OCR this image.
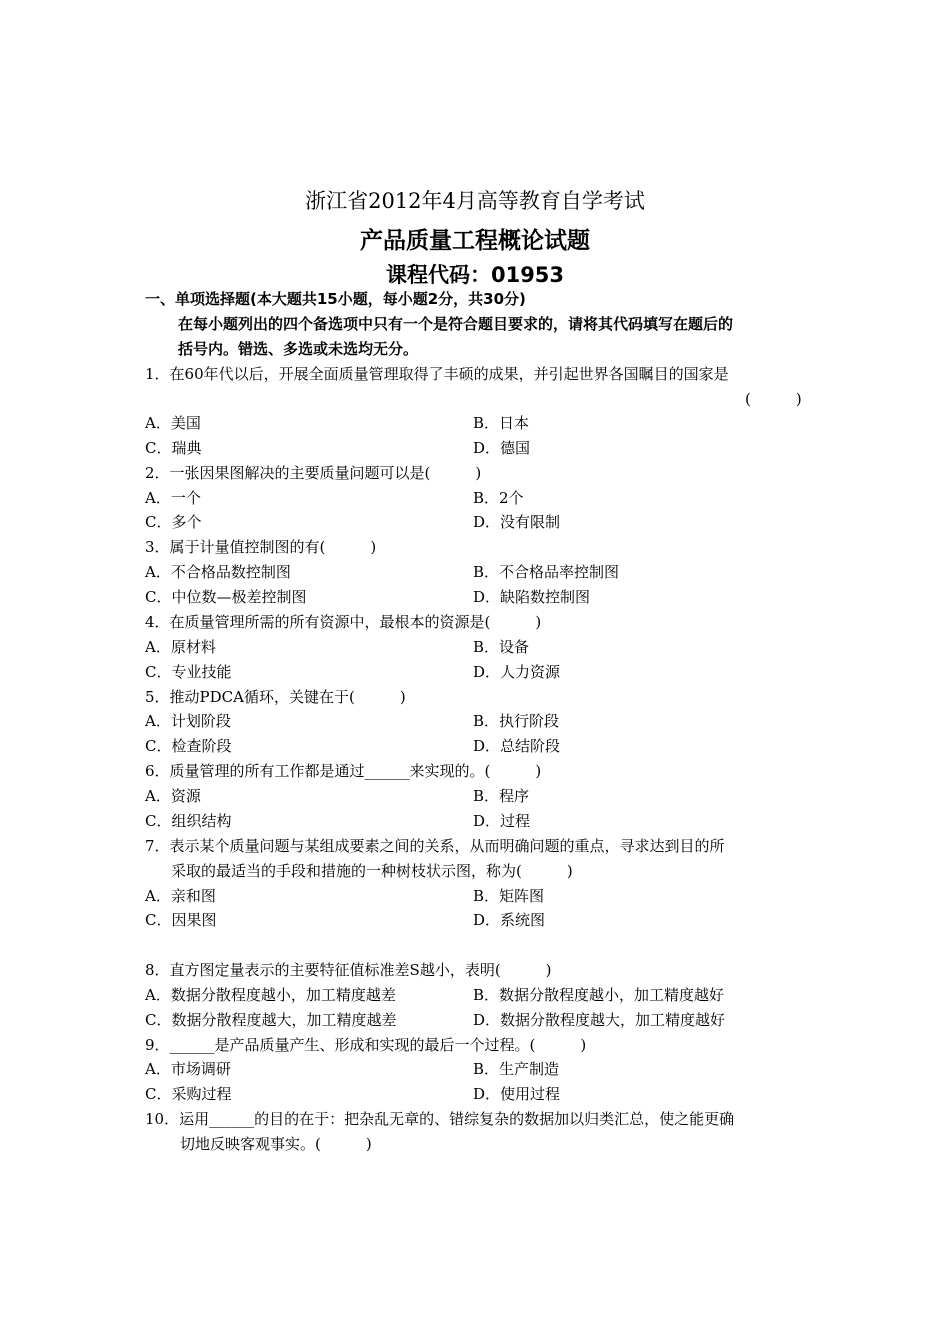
浙江省2012年4月高等教育自学考试
产品质量工程概论试题
课程代码：01953
一、单项选择题(本大题共15小题，每小题2分，共30分)
在每小题列出的四个备选项中只有一个是符合题目要求的，请将其代码填写在题后的
括号内。错选、多选或未选均无分。
1．在60年代以后，开展全面质量管理取得了丰硕的成果，并引起世界各国瞩目的国家是
(　　　)
A．美国	B．日本
C．瑞典	D．德国
2．一张因果图解决的主要质量问题可以是(　　　)
A．一个	B．2个
C．多个	D．没有限制
3．属于计量值控制图的有(　　　)
A．不合格品数控制图	B．不合格品率控制图
C．中位数—极差控制图	D．缺陷数控制图
4．在质量管理所需的所有资源中，最根本的资源是(　　　)
A．原材料	B．设备
C．专业技能	D．人力资源
5．推动PDCA循环，关键在于(　　　)
A．计划阶段	B．执行阶段
C．检查阶段	D．总结阶段
6．质量管理的所有工作都是通过______来实现的。(　　　)
A．资源	B．程序
C．组织结构	D．过程
7．表示某个质量问题与某组成要素之间的关系，从而明确问题的重点，寻求达到目的所
采取的最适当的手段和措施的一种树枝状示图，称为(　　　)
A．亲和图	B．矩阵图
C．因果图	D．系统图
8．直方图定量表示的主要特征值标准差S越小，表明(　　　)
A．数据分散程度越小，加工精度越差	B．数据分散程度越小，加工精度越好
C．数据分散程度越大，加工精度越差	D．数据分散程度越大，加工精度越好
9．______是产品质量产生、形成和实现的最后一个过程。(　　　)
A．市场调研	B．生产制造
C．采购过程	D．使用过程
10．运用______的目的在于：把杂乱无章的、错综复杂的数据加以归类汇总，使之能更确
切地反映客观事实。(　　　)
